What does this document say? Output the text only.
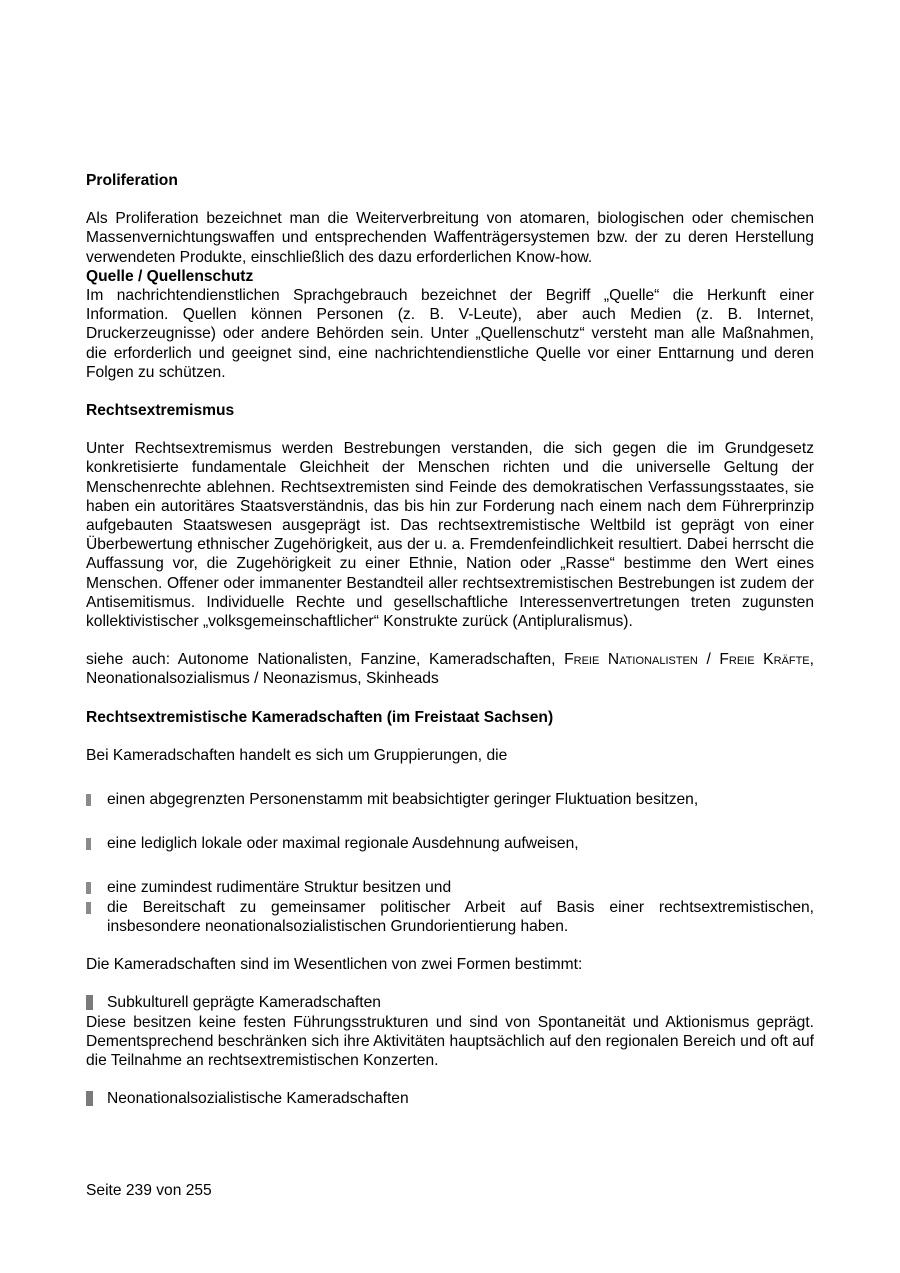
Proliferation

Als Proliferation bezeichnet man die Weiterverbreitung von atomaren, biologischen oder chemischen Massenvernichtungswaffen und entsprechenden Waffenträgersystemen bzw. der zu deren Herstellung verwendeten Produkte, einschließlich des dazu erforderlichen Know-how.

Quelle / Quellenschutz

Im nachrichtendienstlichen Sprachgebrauch bezeichnet der Begriff „Quelle“ die Herkunft einer Information. Quellen können Personen (z. B. V-Leute), aber auch Medien (z. B. Internet, Druckerzeugnisse) oder andere Behörden sein. Unter „Quellenschutz“ versteht man alle Maßnahmen, die erforderlich und geeignet sind, eine nachrichtendienstliche Quelle vor einer Enttarnung und deren Folgen zu schützen.

Rechtsextremismus

Unter Rechtsextremismus werden Bestrebungen verstanden, die sich gegen die im Grundgesetz konkretisierte fundamentale Gleichheit der Menschen richten und die universelle Geltung der Menschenrechte ablehnen. Rechtsextremisten sind Feinde des demokratischen Verfassungsstaates, sie haben ein autoritäres Staatsverständnis, das bis hin zur Forderung nach einem nach dem Führerprinzip aufgebauten Staatswesen ausgeprägt ist. Das rechtsextremistische Weltbild ist geprägt von einer Überbewertung ethnischer Zugehörigkeit, aus der u. a. Fremdenfeindlichkeit resultiert. Dabei herrscht die Auffassung vor, die Zugehörigkeit zu einer Ethnie, Nation oder „Rasse“ bestimme den Wert eines Menschen. Offener oder immanenter Bestandteil aller rechtsextremistischen Bestrebungen ist zudem der Antisemitismus. Individuelle Rechte und gesellschaftliche Interessenvertretungen treten zugunsten kollektivistischer „volksgemeinschaftlicher“ Konstrukte zurück (Antipluralismus).

siehe auch: Autonome Nationalisten, Fanzine, Kameradschaften, Freie Nationalisten / Freie Kräfte, Neonationalsozialismus / Neonazismus, Skinheads

Rechtsextremistische Kameradschaften (im Freistaat Sachsen)

Bei Kameradschaften handelt es sich um Gruppierungen, die

einen abgegrenzten Personenstamm mit beabsichtigter geringer Fluktuation besitzen,
eine lediglich lokale oder maximal regionale Ausdehnung aufweisen,
eine zumindest rudimentäre Struktur besitzen und
die Bereitschaft zu gemeinsamer politischer Arbeit auf Basis einer rechtsextremistischen, insbesondere neonationalsozialistischen Grundorientierung haben.

Die Kameradschaften sind im Wesentlichen von zwei Formen bestimmt:

Subkulturell geprägte Kameradschaften

Diese besitzen keine festen Führungsstrukturen und sind von Spontaneität und Aktionismus geprägt. Dementsprechend beschränken sich ihre Aktivitäten hauptsächlich auf den regionalen Bereich und oft auf die Teilnahme an rechtsextremistischen Konzerten.

Neonationalsozialistische Kameradschaften
Seite 239 von 255
